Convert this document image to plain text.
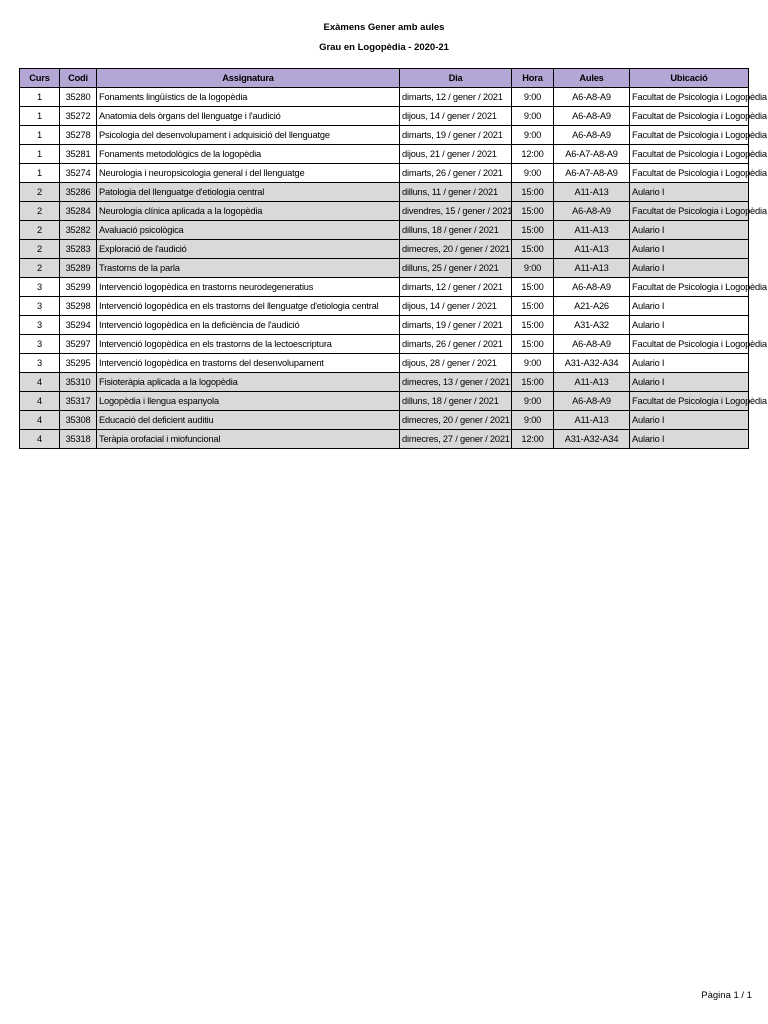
Exàmens Gener amb aules
Grau en Logopèdia - 2020-21
Curs	Codi	Assignatura	Dia	Hora	Aules	Ubicació
1	35280	Fonaments lingüístics de la logopèdia	dimarts, 12 / gener / 2021	9:00	A6-A8-A9	Facultat de Psicologia i Logopèdia
1	35272	Anatomia dels òrgans del llenguatge i l'audició	dijous, 14 / gener / 2021	9:00	A6-A8-A9	Facultat de Psicologia i Logopèdia
1	35278	Psicologia del desenvolupament i adquisició del llenguatge	dimarts, 19 / gener / 2021	9:00	A6-A8-A9	Facultat de Psicologia i Logopèdia
1	35281	Fonaments metodològics de la logopèdia	dijous, 21 / gener / 2021	12:00	A6-A7-A8-A9	Facultat de Psicologia i Logopèdia
1	35274	Neurologia i neuropsicologia general i del llenguatge	dimarts, 26 / gener / 2021	9:00	A6-A7-A8-A9	Facultat de Psicologia i Logopèdia
2	35286	Patologia del llenguatge d'etiologia central	dilluns, 11 / gener / 2021	15:00	A11-A13	Aulario I
2	35284	Neurologia clínica aplicada a la logopèdia	divendres, 15 / gener / 2021	15:00	A6-A8-A9	Facultat de Psicologia i Logopèdia
2	35282	Avaluació psicològica	dilluns, 18 / gener / 2021	15:00	A11-A13	Aulario I
2	35283	Exploració de l'audició	dimecres, 20 / gener / 2021	15:00	A11-A13	Aulario I
2	35289	Trastorns de la parla	dilluns, 25 / gener / 2021	9:00	A11-A13	Aulario I
3	35299	Intervenció logopèdica en trastorns neurodegeneratius	dimarts, 12 / gener / 2021	15:00	A6-A8-A9	Facultat de Psicologia i Logopèdia
3	35298	Intervenció logopèdica en els trastorns del llenguatge d'etiologia central	dijous, 14 / gener / 2021	15:00	A21-A26	Aulario I
3	35294	Intervenció logopèdica en la deficiència de l'audició	dimarts, 19 / gener / 2021	15:00	A31-A32	Aulario I
3	35297	Intervenció logopèdica en els trastorns de la lectoescriptura	dimarts, 26 / gener / 2021	15:00	A6-A8-A9	Facultat de Psicologia i Logopèdia
3	35295	Intervenció logopèdica en trastorns del desenvolupament	dijous, 28 / gener / 2021	9:00	A31-A32-A34	Aulario I
4	35310	Fisioteràpia aplicada a la logopèdia	dimecres, 13 / gener / 2021	15:00	A11-A13	Aulario I
4	35317	Logopèdia i llengua espanyola	dilluns, 18 / gener / 2021	9:00	A6-A8-A9	Facultat de Psicologia i Logopèdia
4	35308	Educació del deficient auditiu	dimecres, 20 / gener / 2021	9:00	A11-A13	Aulario I
4	35318	Teràpia orofacial i miofuncional	dimecres, 27 / gener / 2021	12:00	A31-A32-A34	Aulario I
Pàgina 1 / 1
